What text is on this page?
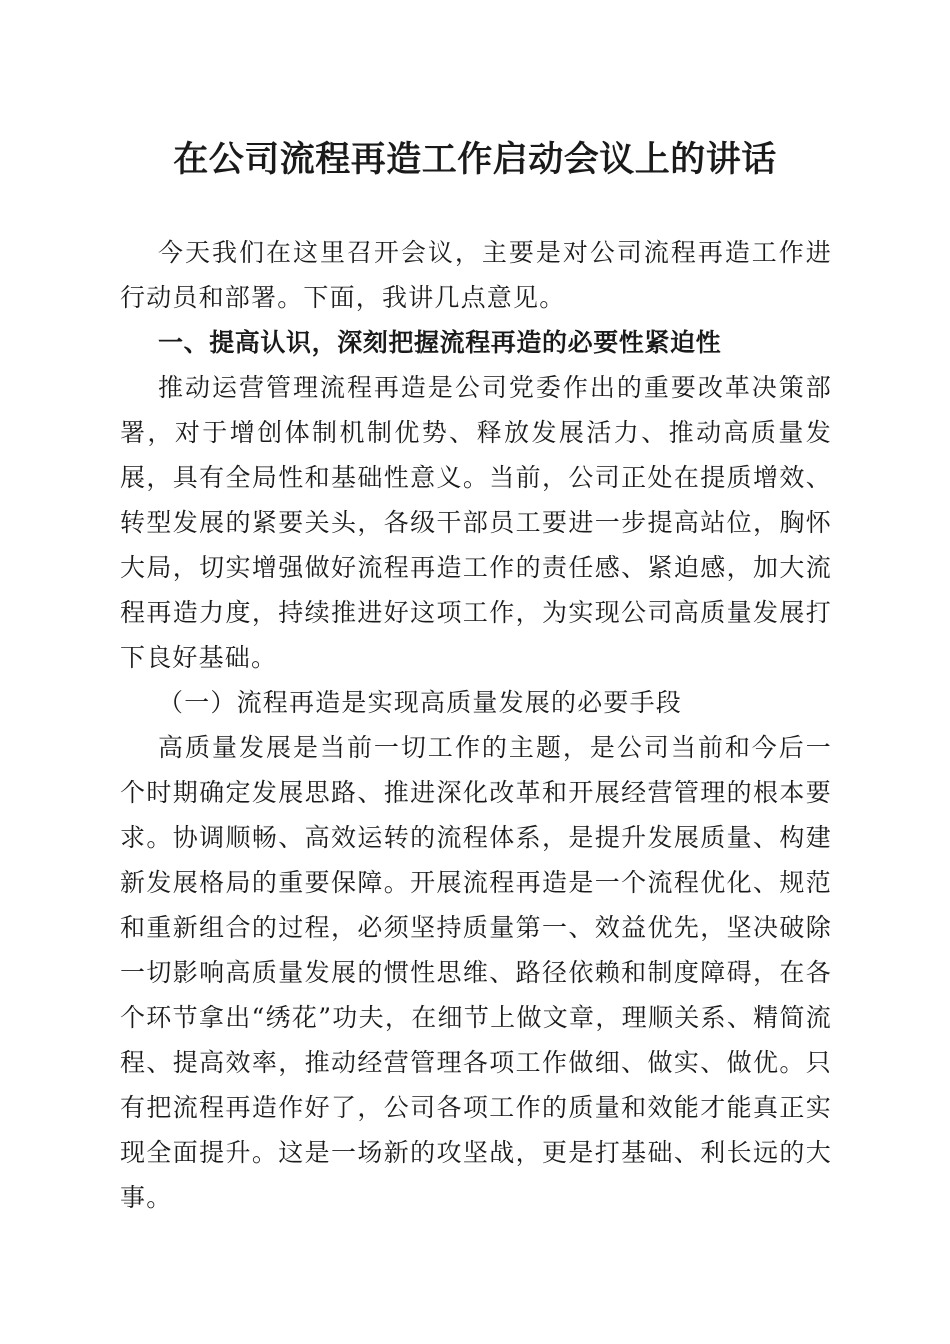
在公司流程再造工作启动会议上的讲话

今天我们在这里召开会议，主要是对公司流程再造工作进行动员和部署。下面，我讲几点意见。

一、提高认识，深刻把握流程再造的必要性紧迫性

推动运营管理流程再造是公司党委作出的重要改革决策部署，对于增创体制机制优势、释放发展活力、推动高质量发展，具有全局性和基础性意义。当前，公司正处在提质增效、转型发展的紧要关头，各级干部员工要进一步提高站位，胸怀大局，切实增强做好流程再造工作的责任感、紧迫感，加大流程再造力度，持续推进好这项工作，为实现公司高质量发展打下良好基础。

（一）流程再造是实现高质量发展的必要手段

高质量发展是当前一切工作的主题，是公司当前和今后一个时期确定发展思路、推进深化改革和开展经营管理的根本要求。协调顺畅、高效运转的流程体系，是提升发展质量、构建新发展格局的重要保障。开展流程再造是一个流程优化、规范和重新组合的过程，必须坚持质量第一、效益优先，坚决破除一切影响高质量发展的惯性思维、路径依赖和制度障碍，在各个环节拿出“绣花”功夫，在细节上做文章，理顺关系、精简流程、提高效率，推动经营管理各项工作做细、做实、做优。只有把流程再造作好了，公司各项工作的质量和效能才能真正实现全面提升。这是一场新的攻坚战，更是打基础、利长远的大事。
